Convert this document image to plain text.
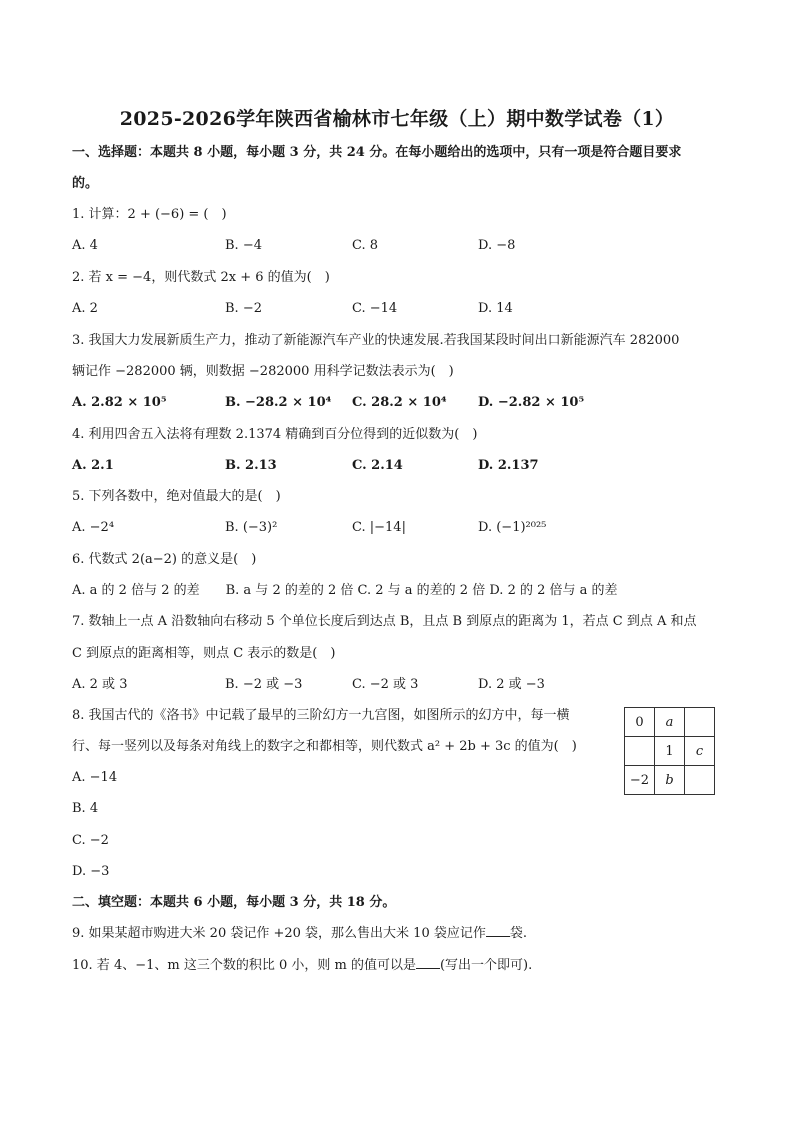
2025-2026学年陕西省榆林市七年级（上）期中数学试卷（1）
一、选择题：本题共 8 小题，每小题 3 分，共 24 分。在每小题给出的选项中，只有一项是符合题目要求
的。
1. 计算：2 + (−6) = (　)
A. 4	B. −4	C. 8	D. −8
2. 若 x = −4，则代数式 2x + 6 的值为(　)
A. 2	B. −2	C. −14	D. 14
3. 我国大力发展新质生产力，推动了新能源汽车产业的快速发展.若我国某段时间出口新能源汽车 282000
辆记作 −282000 辆，则数据 −282000 用科学记数法表示为(　)
A. 2.82 × 10⁵	B. −28.2 × 10⁴ C. 28.2 × 10⁴ D. −2.82 × 10⁵
4. 利用四舍五入法将有理数 2.1374 精确到百分位得到的近似数为(　)
A. 2.1	B. 2.13	C. 2.14	D. 2.137
5. 下列各数中，绝对值最大的是(　)
A. −2⁴	B. (−3)²	C. |−14|	D. (−1)²⁰²⁵
6. 代数式 2(a−2) 的意义是(　)
A. a 的 2 倍与 2 的差　　B. a 与 2 的差的 2 倍 C. 2 与 a 的差的 2 倍 D. 2 的 2 倍与 a 的差
7. 数轴上一点 A 沿数轴向右移动 5 个单位长度后到达点 B，且点 B 到原点的距离为 1，若点 C 到点 A 和点
C 到原点的距离相等，则点 C 表示的数是(　)
A. 2 或 3	B. −2 或 −3	C. −2 或 3	D. 2 或 −3
8. 我国古代的《洛书》中记载了最早的三阶幻方一九宫图，如图所示的幻方中，每一横
行、每一竖列以及每条对角线上的数字之和都相等，则代数式 a² + 2b + 3c 的值为(　)
A. −14
B. 4
C. −2
D. −3
0	a	
	1	c
−2	b	
二、填空题：本题共 6 小题，每小题 3 分，共 18 分。
9. 如果某超市购进大米 20 袋记作 +20 袋，那么售出大米 10 袋应记作 袋.
10. 若 4、−1、m 这三个数的积比 0 小，则 m 的值可以是 (写出一个即可).
